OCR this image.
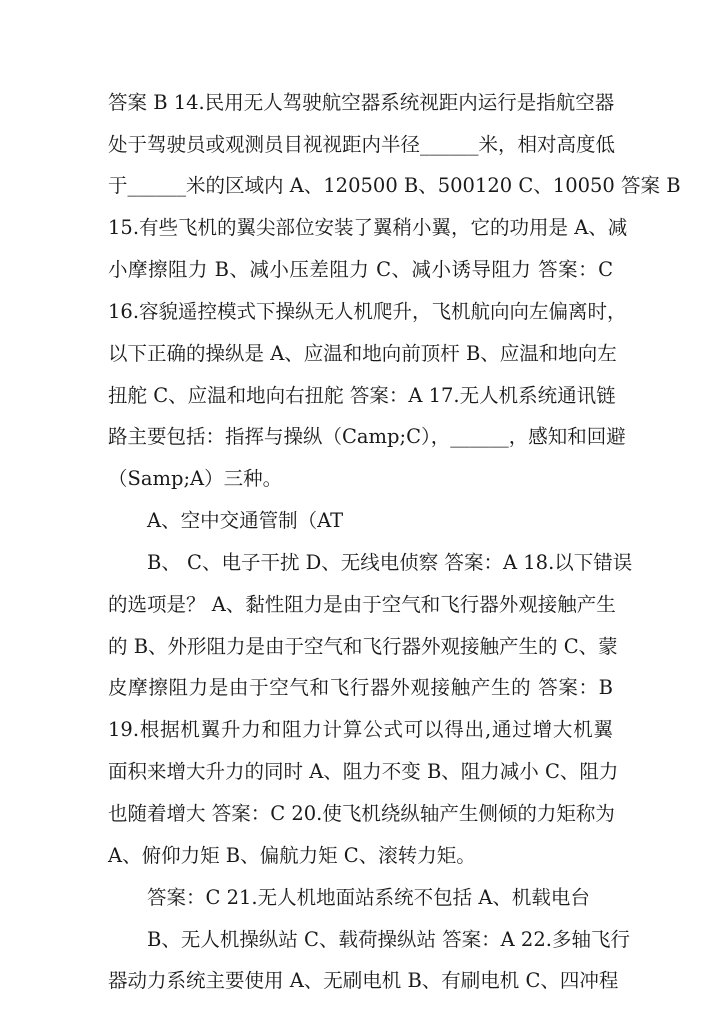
答案 B 14.民用无人驾驶航空器系统视距内运行是指航空器
处于驾驶员或观测员目视视距内半径______米，相对高度低
于______米的区域内 A、120500 B、500120 C、10050 答案 B
15.有些飞机的翼尖部位安装了翼稍小翼，它的功用是 A、减
小摩擦阻力 B、减小压差阻力 C、减小诱导阻力 答案：C
16.容貌遥控模式下操纵无人机爬升，飞机航向向左偏离时，
以下正确的操纵是 A、应温和地向前顶杆 B、应温和地向左
扭舵 C、应温和地向右扭舵 答案：A 17.无人机系统通讯链
路主要包括：指挥与操纵（Camp;C），______，感知和回避
（Samp;A）三种。
A、空中交通管制（AT
B、 C、电子干扰 D、无线电侦察 答案：A 18.以下错误
的选项是？ A、黏性阻力是由于空气和飞行器外观接触产生
的 B、外形阻力是由于空气和飞行器外观接触产生的 C、蒙
皮摩擦阻力是由于空气和飞行器外观接触产生的 答案：B
19.根据机翼升力和阻力计算公式可以得出,通过增大机翼
面积来增大升力的同时 A、阻力不变 B、阻力减小 C、阻力
也随着增大 答案：C 20.使飞机绕纵轴产生侧倾的力矩称为
A、俯仰力矩 B、偏航力矩 C、滚转力矩。
答案：C 21.无人机地面站系统不包括 A、机载电台
B、无人机操纵站 C、载荷操纵站 答案：A 22.多轴飞行
器动力系统主要使用 A、无刷电机 B、有刷电机 C、四冲程
